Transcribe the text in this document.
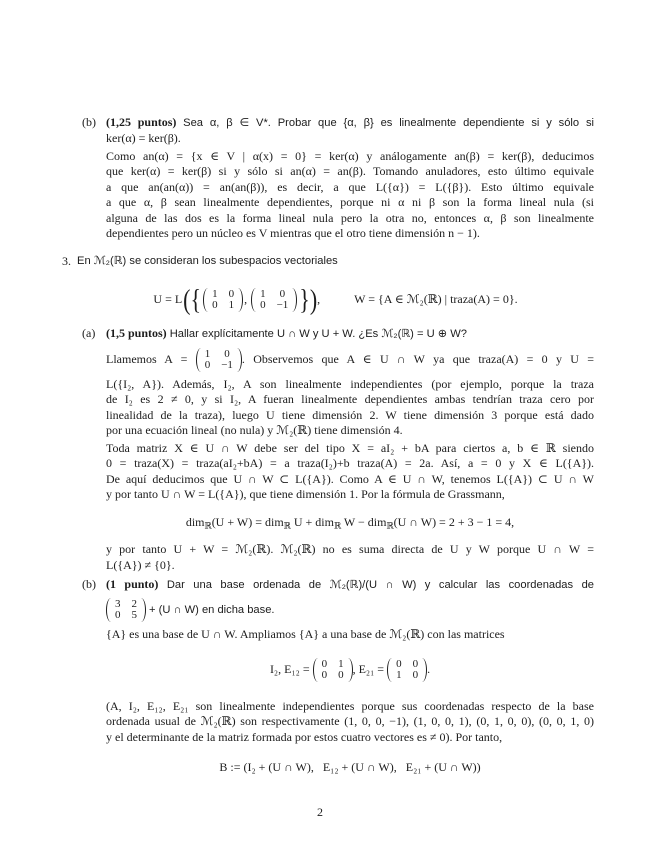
(b) (1,25 puntos) Sea α, β ∈ V*. Probar que {α, β} es linealmente dependiente si y sólo si
ker(α) = ker(β).
Como an(α) = {x ∈ V | α(x) = 0} = ker(α) y análogamente an(β) = ker(β), deducimos
que ker(α) = ker(β) si y sólo si an(α) = an(β). Tomando anuladores, esto último equivale
a que an(an(α)) = an(an(β)), es decir, a que L({α}) = L({β}). Esto último equivale
a que α, β sean linealmente dependientes, porque ni α ni β son la forma lineal nula (si
alguna de las dos es la forma lineal nula pero la otra no, entonces α, β son linealmente
dependientes pero un núcleo es V mientras que el otro tiene dimensión n − 1).
3. En ℳ₂(ℝ) se consideran los subespacios vectoriales
U = L({ 1 0
0 1 , 1 0
0 −1 }),	W = {A ∈ ℳ₂(ℝ) | traza(A) = 0}.
(a) (1,5 puntos) Hallar explícitamente U ∩ W y U + W. ¿Es ℳ₂(ℝ) = U ⊕ W?
Llamemos A = 1 0
0 −1 . Observemos que A ∈ U ∩ W ya que traza(A) = 0 y U =
L({I₂, A}). Además, I₂, A son linealmente independientes (por ejemplo, porque la traza
de I₂ es 2 ≠ 0, y si I₂, A fueran linealmente dependientes ambas tendrían traza cero por
linealidad de la traza), luego U tiene dimensión 2. W tiene dimensión 3 porque está dado
por una ecuación lineal (no nula) y ℳ₂(ℝ) tiene dimensión 4.
Toda matriz X ∈ U ∩ W debe ser del tipo X = aI₂ + bA para ciertos a, b ∈ ℝ siendo
0 = traza(X) = traza(aI₂+bA) = a traza(I₂)+b traza(A) = 2a. Así, a = 0 y X ∈ L({A}).
De aquí deducimos que U ∩ W ⊂ L({A}). Como A ∈ U ∩ W, tenemos L({A}) ⊂ U ∩ W
y por tanto U ∩ W = L({A}), que tiene dimensión 1. Por la fórmula de Grassmann,
dim$_ℝ$(U + W) = dim$_ℝ$ U + dim$_ℝ$ W − dim$_ℝ$(U ∩ W) = 2 + 3 − 1 = 4,
y por tanto U + W = ℳ₂(ℝ). ℳ₂(ℝ) no es suma directa de U y W porque U ∩ W =
L({A}) ≠ {0}.
(b) (1 punto) Dar una base ordenada de ℳ₂(ℝ)/(U ∩ W) y calcular las coordenadas de
3 2
0 5 + (U ∩ W) en dicha base.
{A} es una base de U ∩ W. Ampliamos {A} a una base de ℳ₂(ℝ) con las matrices
I₂, E₁₂ = 0 1
0 0 , E₂₁ = 0 0
1 0 .
(A, I₂, E₁₂, E₂₁ son linealmente independientes porque sus coordenadas respecto de la base
ordenada usual de ℳ₂(ℝ) son respectivamente (1, 0, 0, −1), (1, 0, 0, 1), (0, 1, 0, 0), (0, 0, 1, 0)
y el determinante de la matriz formada por estos cuatro vectores es ≠ 0). Por tanto,
B := (I₂ + (U ∩ W),   E₁₂ + (U ∩ W),   E₂₁ + (U ∩ W))
2
